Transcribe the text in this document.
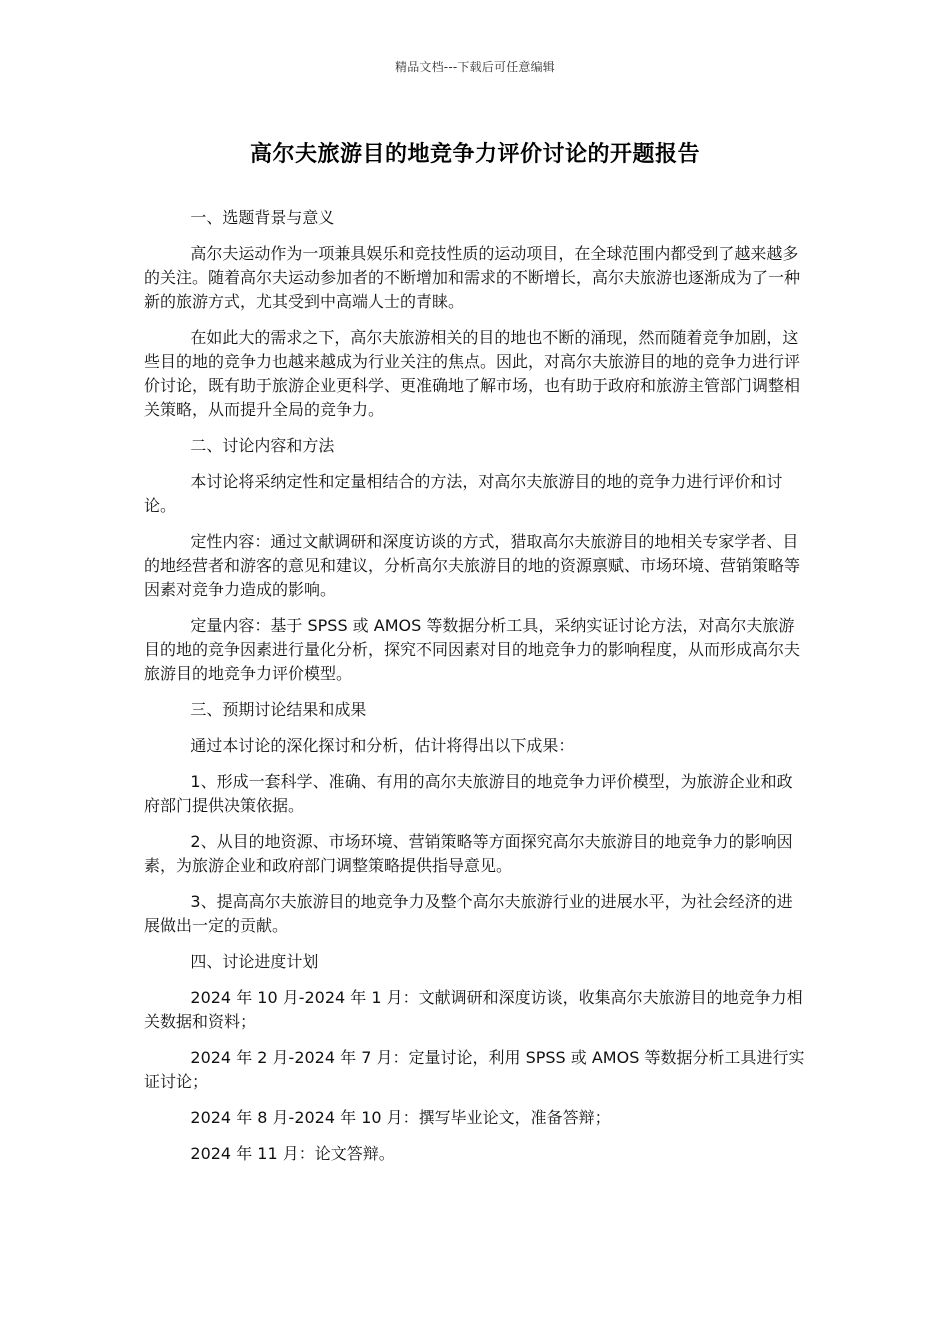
精品文档---下载后可任意编辑
高尔夫旅游目的地竞争力评价讨论的开题报告

一、选题背景与意义

高尔夫运动作为一项兼具娱乐和竞技性质的运动项目，在全球范围内都受到了越来越多的关注。随着高尔夫运动参加者的不断增加和需求的不断增长，高尔夫旅游也逐渐成为了一种新的旅游方式，尤其受到中高端人士的青睐。

在如此大的需求之下，高尔夫旅游相关的目的地也不断的涌现，然而随着竞争加剧，这些目的地的竞争力也越来越成为行业关注的焦点。因此，对高尔夫旅游目的地的竞争力进行评价讨论，既有助于旅游企业更科学、更准确地了解市场，也有助于政府和旅游主管部门调整相关策略，从而提升全局的竞争力。

二、讨论内容和方法

本讨论将采纳定性和定量相结合的方法，对高尔夫旅游目的地的竞争力进行评价和讨论。

定性内容：通过文献调研和深度访谈的方式，猎取高尔夫旅游目的地相关专家学者、目的地经营者和游客的意见和建议，分析高尔夫旅游目的地的资源禀赋、市场环境、营销策略等因素对竞争力造成的影响。

定量内容：基于 SPSS 或 AMOS 等数据分析工具，采纳实证讨论方法，对高尔夫旅游目的地的竞争因素进行量化分析，探究不同因素对目的地竞争力的影响程度，从而形成高尔夫旅游目的地竞争力评价模型。

三、预期讨论结果和成果

通过本讨论的深化探讨和分析，估计将得出以下成果：

1、形成一套科学、准确、有用的高尔夫旅游目的地竞争力评价模型，为旅游企业和政府部门提供决策依据。

2、从目的地资源、市场环境、营销策略等方面探究高尔夫旅游目的地竞争力的影响因素，为旅游企业和政府部门调整策略提供指导意见。

3、提高高尔夫旅游目的地竞争力及整个高尔夫旅游行业的进展水平，为社会经济的进展做出一定的贡献。

四、讨论进度计划

2024 年 10 月-2024 年 1 月：文献调研和深度访谈，收集高尔夫旅游目的地竞争力相关数据和资料；

2024 年 2 月-2024 年 7 月：定量讨论，利用 SPSS 或 AMOS 等数据分析工具进行实证讨论；

2024 年 8 月-2024 年 10 月：撰写毕业论文，准备答辩；

2024 年 11 月：论文答辩。
